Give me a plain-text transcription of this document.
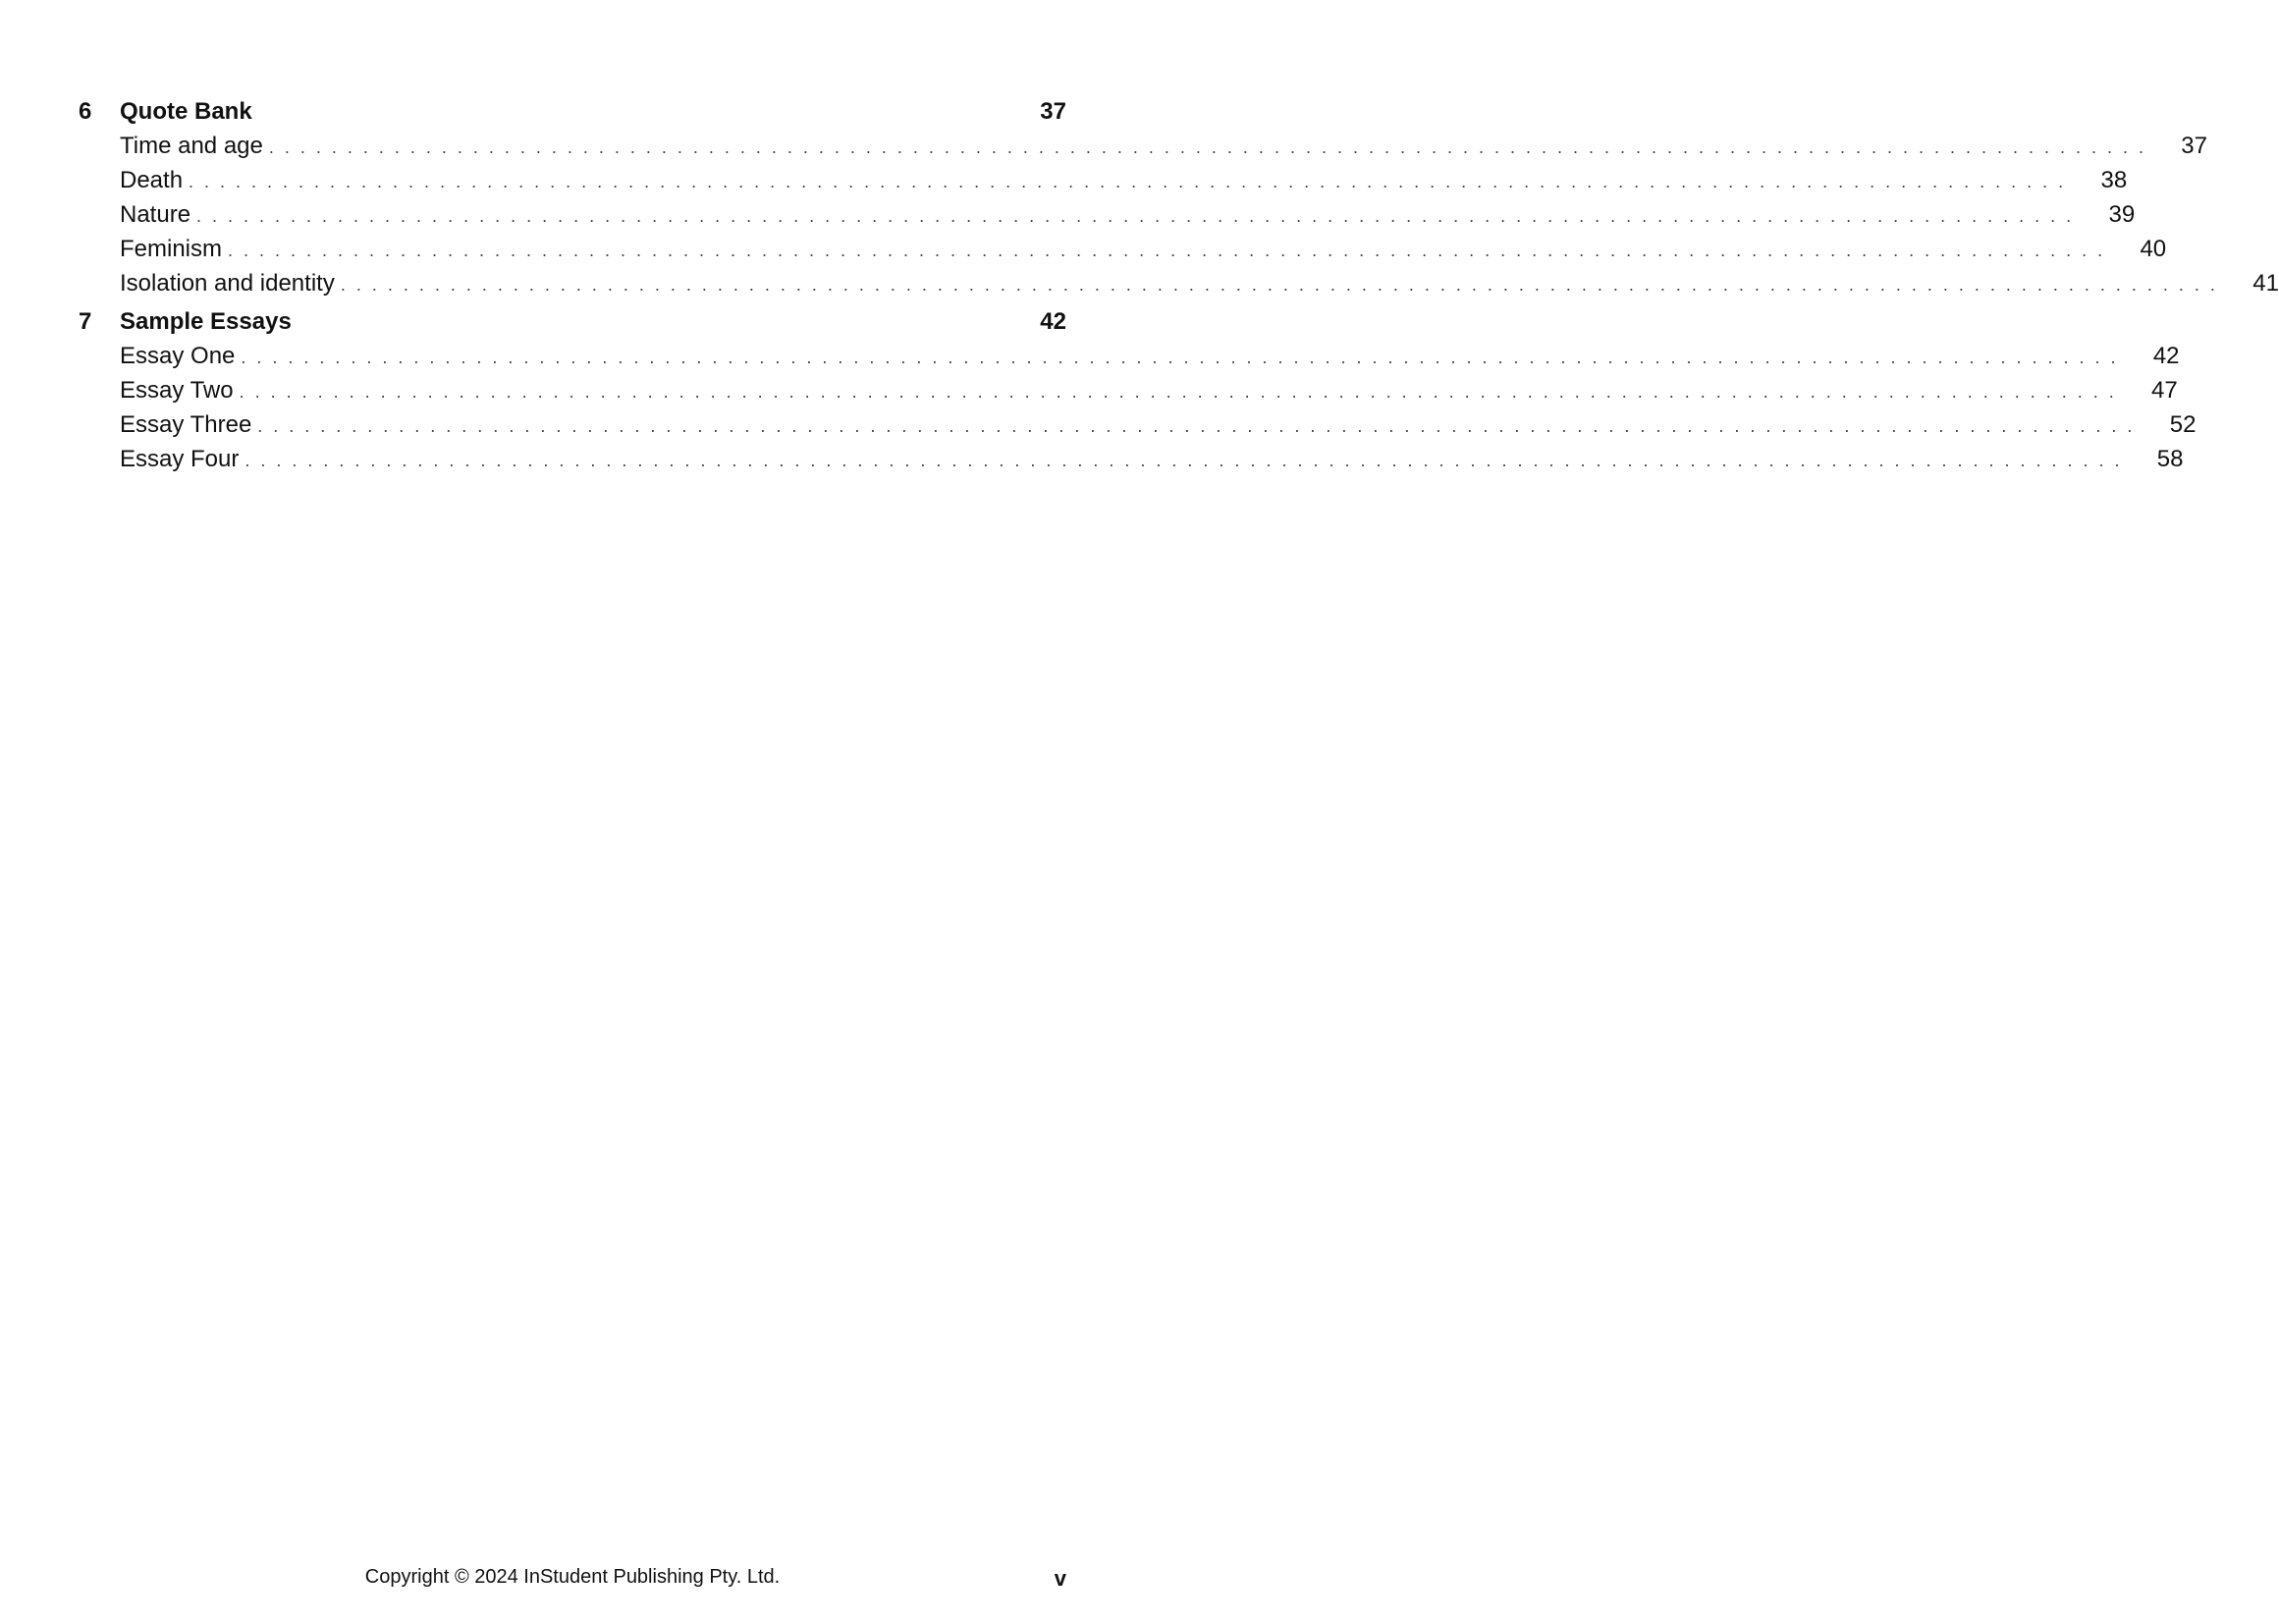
6	Quote Bank	37
Time and age ........................................................................................................................	37
Death ........................................................................................................................	38
Nature ........................................................................................................................	39
Feminism ........................................................................................................................	40
Isolation and identity ........................................................................................................................	41
7	Sample Essays	42
Essay One ........................................................................................................................	42
Essay Two ........................................................................................................................	47
Essay Three ........................................................................................................................	52
Essay Four ........................................................................................................................	58
Copyright © 2024 InStudent Publishing Pty. Ltd.	v
